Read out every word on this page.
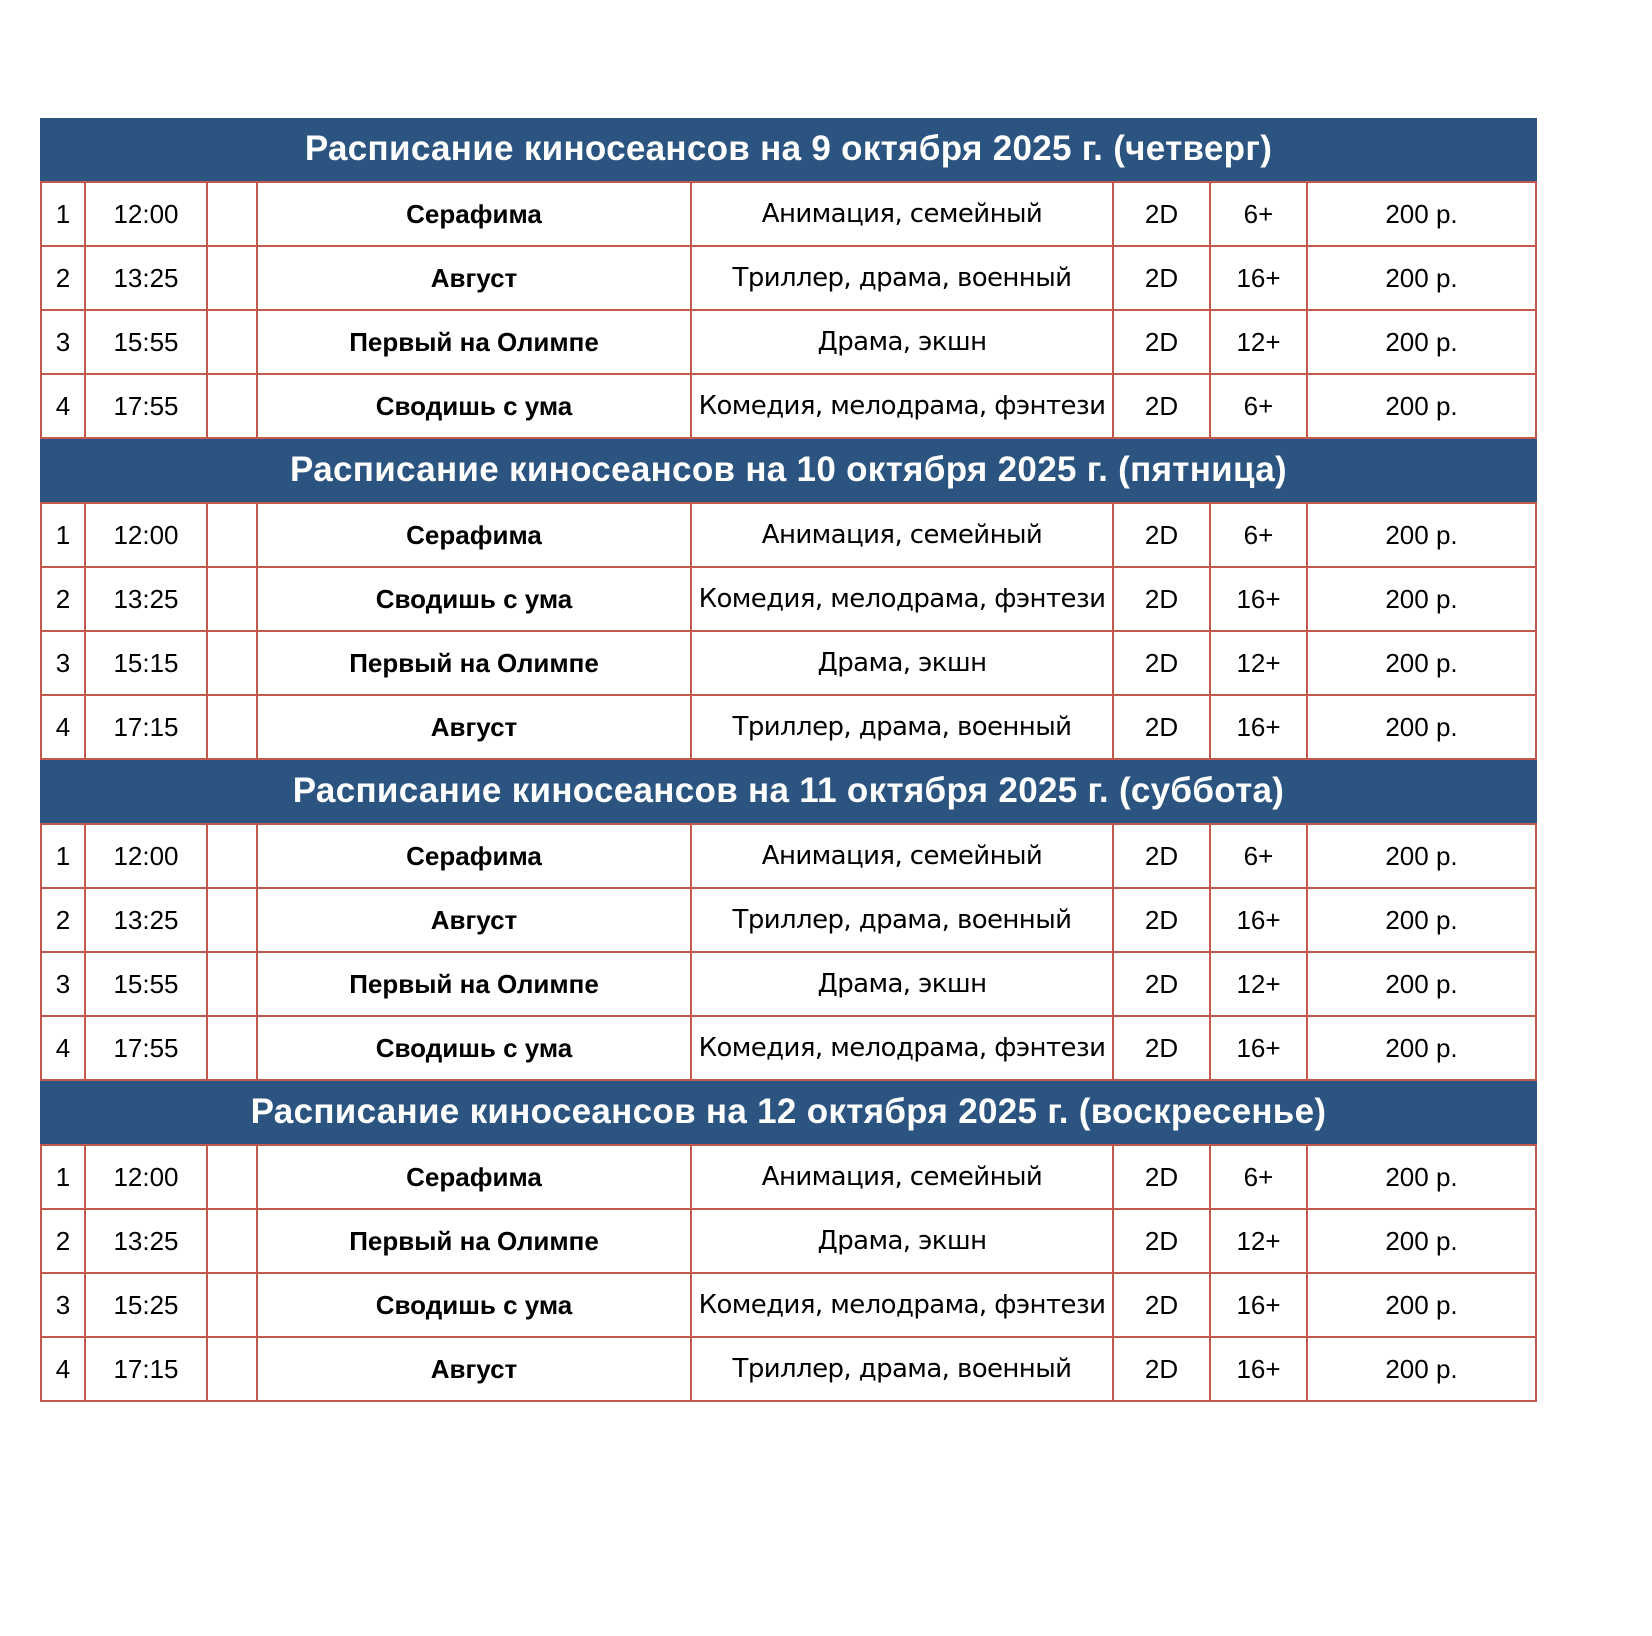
Расписание киносеансов на 9 октября 2025 г. (четверг)
1	12:00		Серафима	Анимация, семейный	2D	6+	200 р.
2	13:25		Август	Триллер, драма, военный	2D	16+	200 р.
3	15:55		Первый на Олимпе	Драма, экшн	2D	12+	200 р.
4	17:55		Сводишь с ума	Комедия, мелодрама, фэнтези	2D	6+	200 р.
Расписание киносеансов на 10 октября 2025 г. (пятница)
1	12:00		Серафима	Анимация, семейный	2D	6+	200 р.
2	13:25		Сводишь с ума	Комедия, мелодрама, фэнтези	2D	16+	200 р.
3	15:15		Первый на Олимпе	Драма, экшн	2D	12+	200 р.
4	17:15		Август	Триллер, драма, военный	2D	16+	200 р.
Расписание киносеансов на 11 октября 2025 г. (суббота)
1	12:00		Серафима	Анимация, семейный	2D	6+	200 р.
2	13:25		Август	Триллер, драма, военный	2D	16+	200 р.
3	15:55		Первый на Олимпе	Драма, экшн	2D	12+	200 р.
4	17:55		Сводишь с ума	Комедия, мелодрама, фэнтези	2D	16+	200 р.
Расписание киносеансов на 12 октября 2025 г. (воскресенье)
1	12:00		Серафима	Анимация, семейный	2D	6+	200 р.
2	13:25		Первый на Олимпе	Драма, экшн	2D	12+	200 р.
3	15:25		Сводишь с ума	Комедия, мелодрама, фэнтези	2D	16+	200 р.
4	17:15		Август	Триллер, драма, военный	2D	16+	200 р.
